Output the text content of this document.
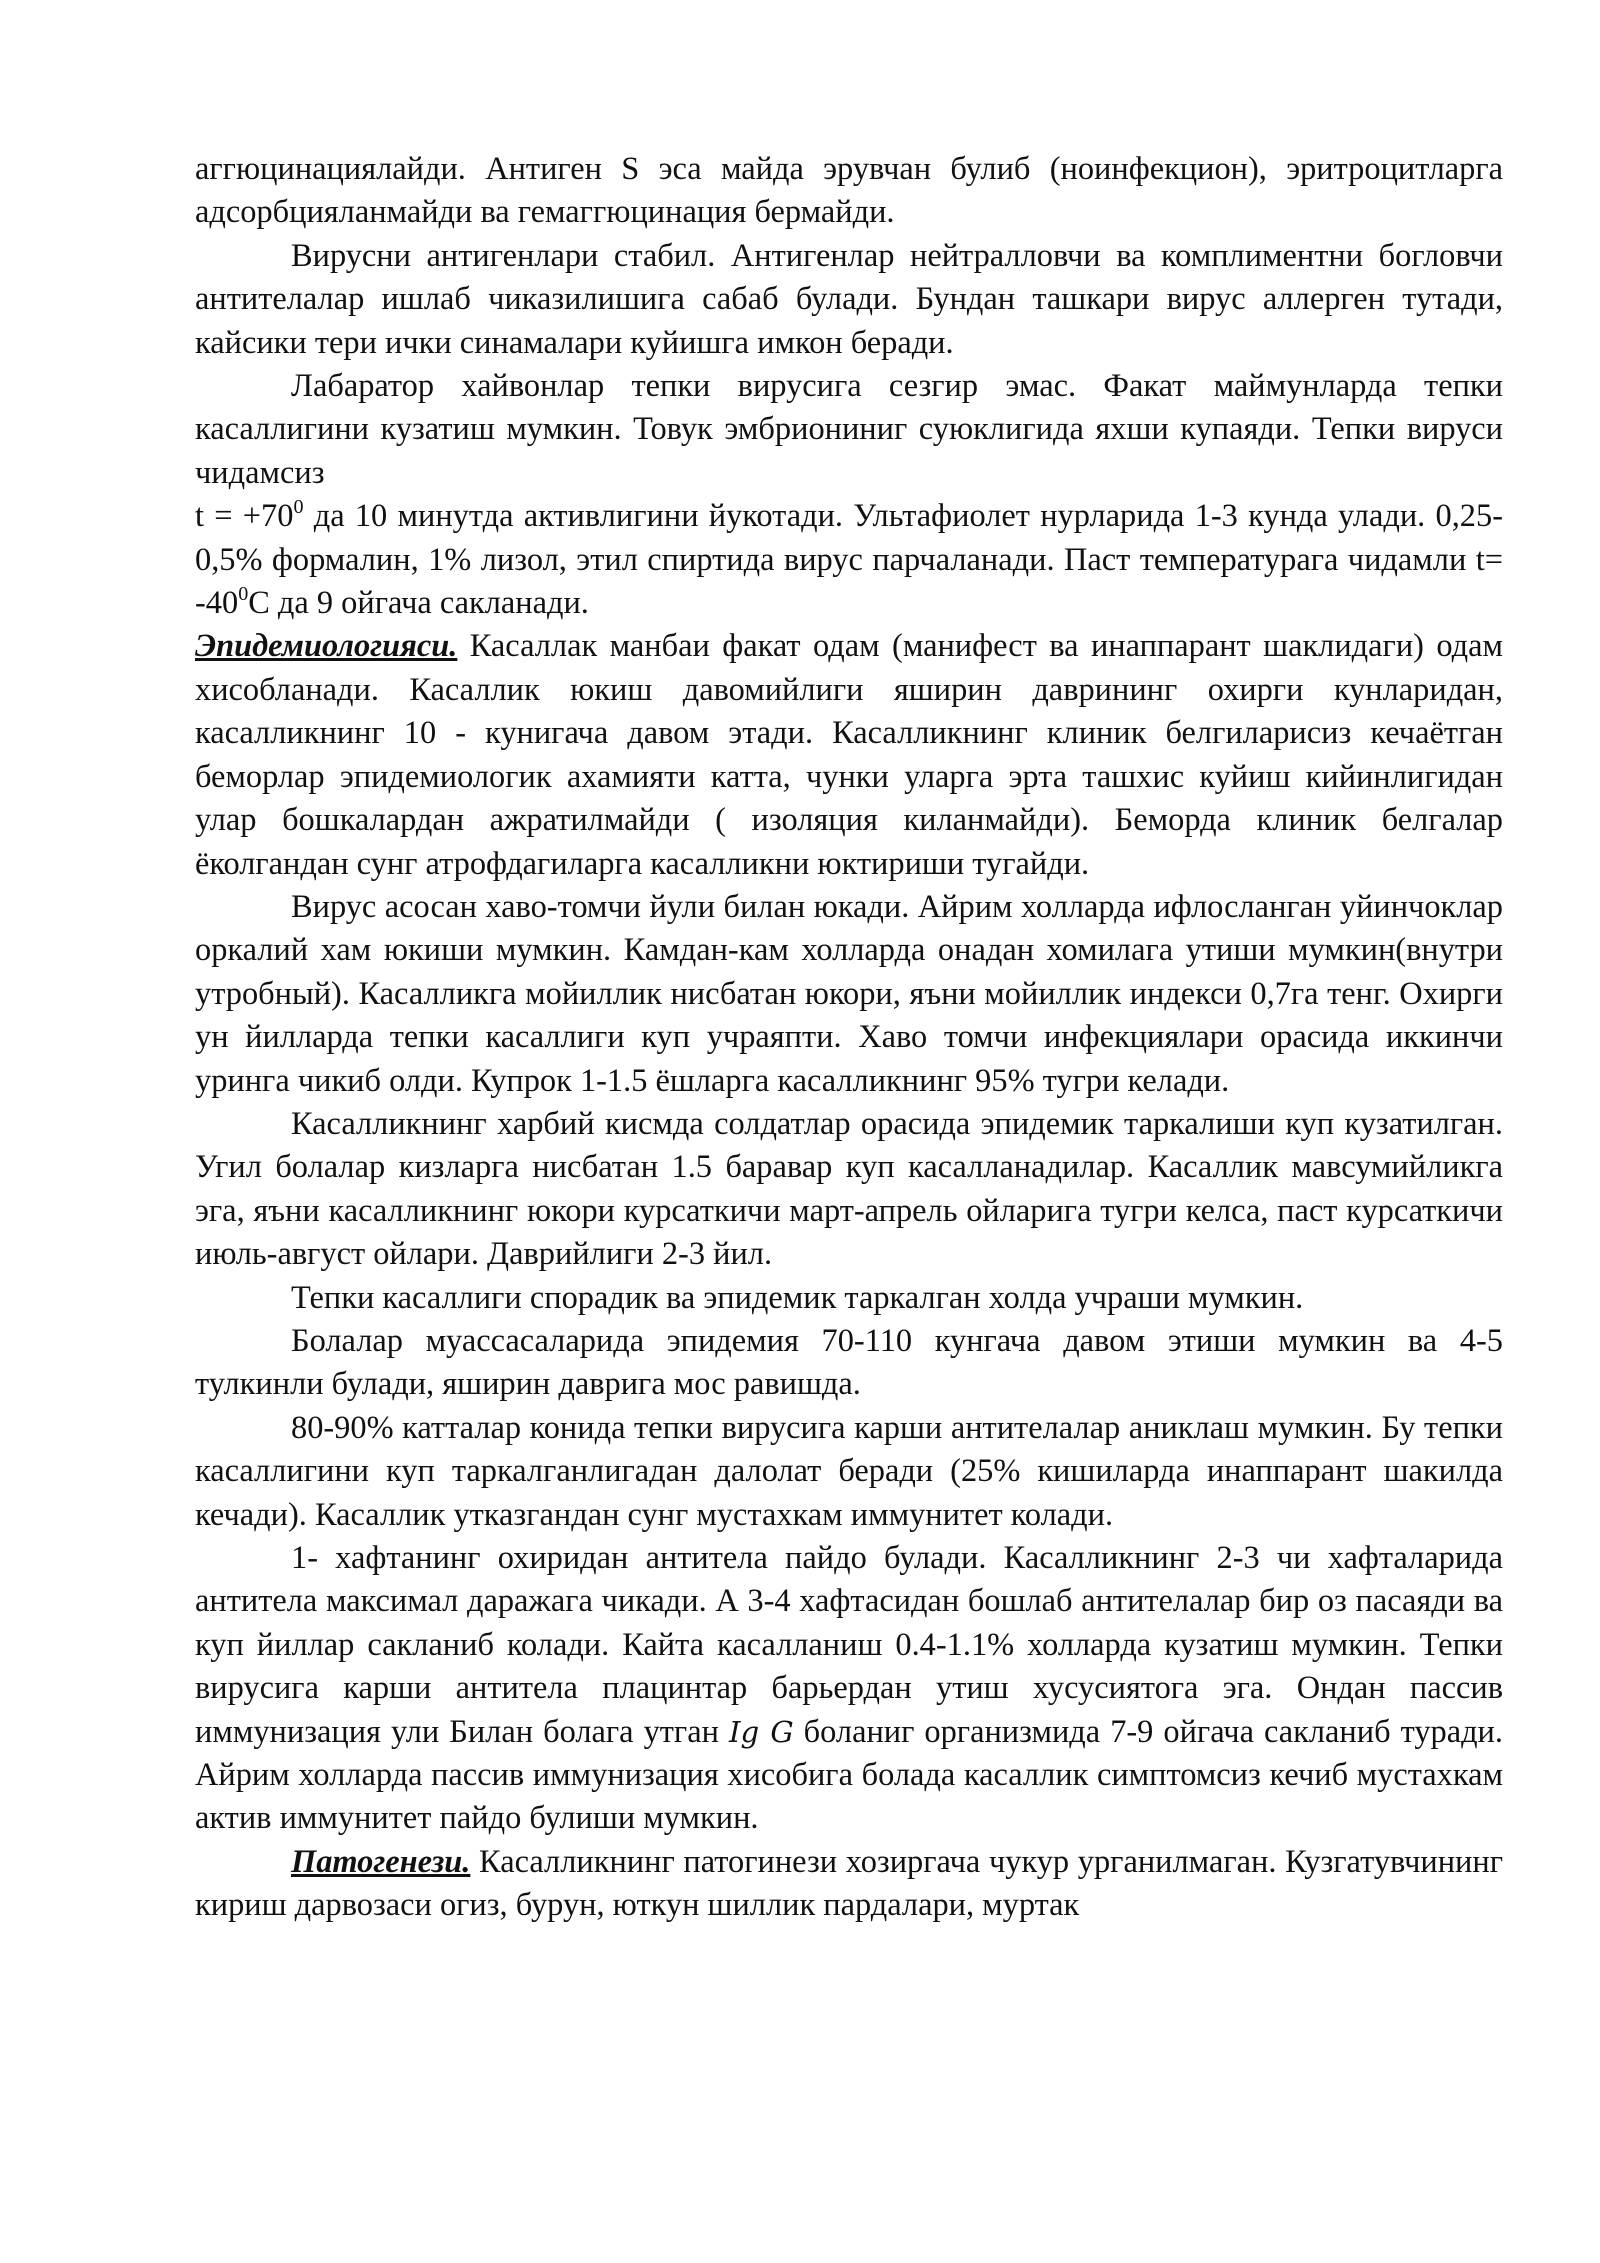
аггюцинациялайди. Антиген S эса майда эрувчан булиб (ноинфекцион), эритроцитларга адсорбцияланмайди ва гемаггюцинация бермайди.

Вирусни антигенлари стабил. Антигенлар нейтралловчи ва комплиментни богловчи антителалар ишлаб чиказилишига сабаб булади. Бундан ташкари вирус аллерген тутади, кайсики тери ички синамалари куйишга имкон беради.

Лабаратор хайвонлар тепки вирусига сезгир эмас. Факат маймунларда тепки касаллигини кузатиш мумкин. Товук эмбриониниг суюклигида яхши купаяди. Тепки вируси чидамсиз

$t = +70^0$ да 10 минутда активлигини йукотади. Ультафиолет нурларида 1-3 кунда улади. 0,25-0,5% формалин, 1% лизол, этил спиртида вирус парчаланади. Паст температурага чидамли $t= -40^0С$ да 9 ойгача сакланади.

Эпидемиологияси. Касаллак манбаи факат одам (манифест ва инаппарант шаклидаги) одам хисобланади. Касаллик юкиш давомийлиги яширин даврининг охирги кунларидан, касалликнинг 10 - кунигача давом этади. Касалликнинг клиник белгиларисиз кечаётган беморлар эпидемиологик ахамияти катта, чунки уларга эрта ташхис куйиш кийинлигидан улар бошкалардан ажратилмайди ( изоляция киланмайди). Беморда клиник белгалар ёколгандан сунг атрофдагиларга касалликни юктириши тугайди.

Вирус асосан хаво-томчи йули билан юкади. Айрим холларда ифлосланган уйинчоклар оркалий хам юкиши мумкин. Камдан-кам холларда онадан хомилага утиши мумкин(внутри утробный). Касалликга мойиллик нисбатан юкори, яъни мойиллик индекси 0,7га тенг. Охирги ун йилларда тепки касаллиги куп учраяпти. Хаво томчи инфекциялари орасида иккинчи уринга чикиб олди. Купрок 1-1.5 ёшларга касалликнинг 95% тугри келади.

Касалликнинг харбий кисмда солдатлар орасида эпидемик таркалиши куп кузатилган. Угил болалар кизларга нисбатан 1.5 баравар куп касалланадилар. Касаллик мавсумийликга эга, яъни касалликнинг юкори курсаткичи март-апрель ойларига тугри келса, паст курсаткичи июль-август ойлари. Даврийлиги 2-3 йил.

Тепки касаллиги спорадик ва эпидемик таркалган холда учраши мумкин.

Болалар муассасаларида эпидемия 70-110 кунгача давом этиши мумкин ва 4-5 тулкинли булади, яширин даврига мос равишда.

80-90% катталар конида тепки вирусига карши антителалар аниклаш мумкин. Бу тепки касаллигини куп таркалганлигадан далолат беради (25% кишиларда инаппарант шакилда кечади). Касаллик утказгандан сунг мустахкам иммунитет колади.

1- хафтанинг охиридан антитела пайдо булади. Касалликнинг 2-3 чи хафталарида антитела максимал даражага чикади. А 3-4 хафтасидан бошлаб антителалар бир оз пасаяди ва куп йиллар сакланиб колади. Кайта касалланиш 0.4-1.1% холларда кузатиш мумкин. Тепки вирусига карши антитела плацинтар барьердан утиш хусусиятога эга. Ондан пассив иммунизация ули Билан болага утган Ig G боланиг организмида 7-9 ойгача сакланиб туради. Айрим холларда пассив иммунизация хисобига болада касаллик симптомсиз кечиб мустахкам актив иммунитет пайдо булиши мумкин.

Патогенези. Касалликнинг патогинези хозиргача чукур урганилмаган. Кузгатувчининг кириш дарвозаси огиз, бурун, юткун шиллик пардалари, муртак
